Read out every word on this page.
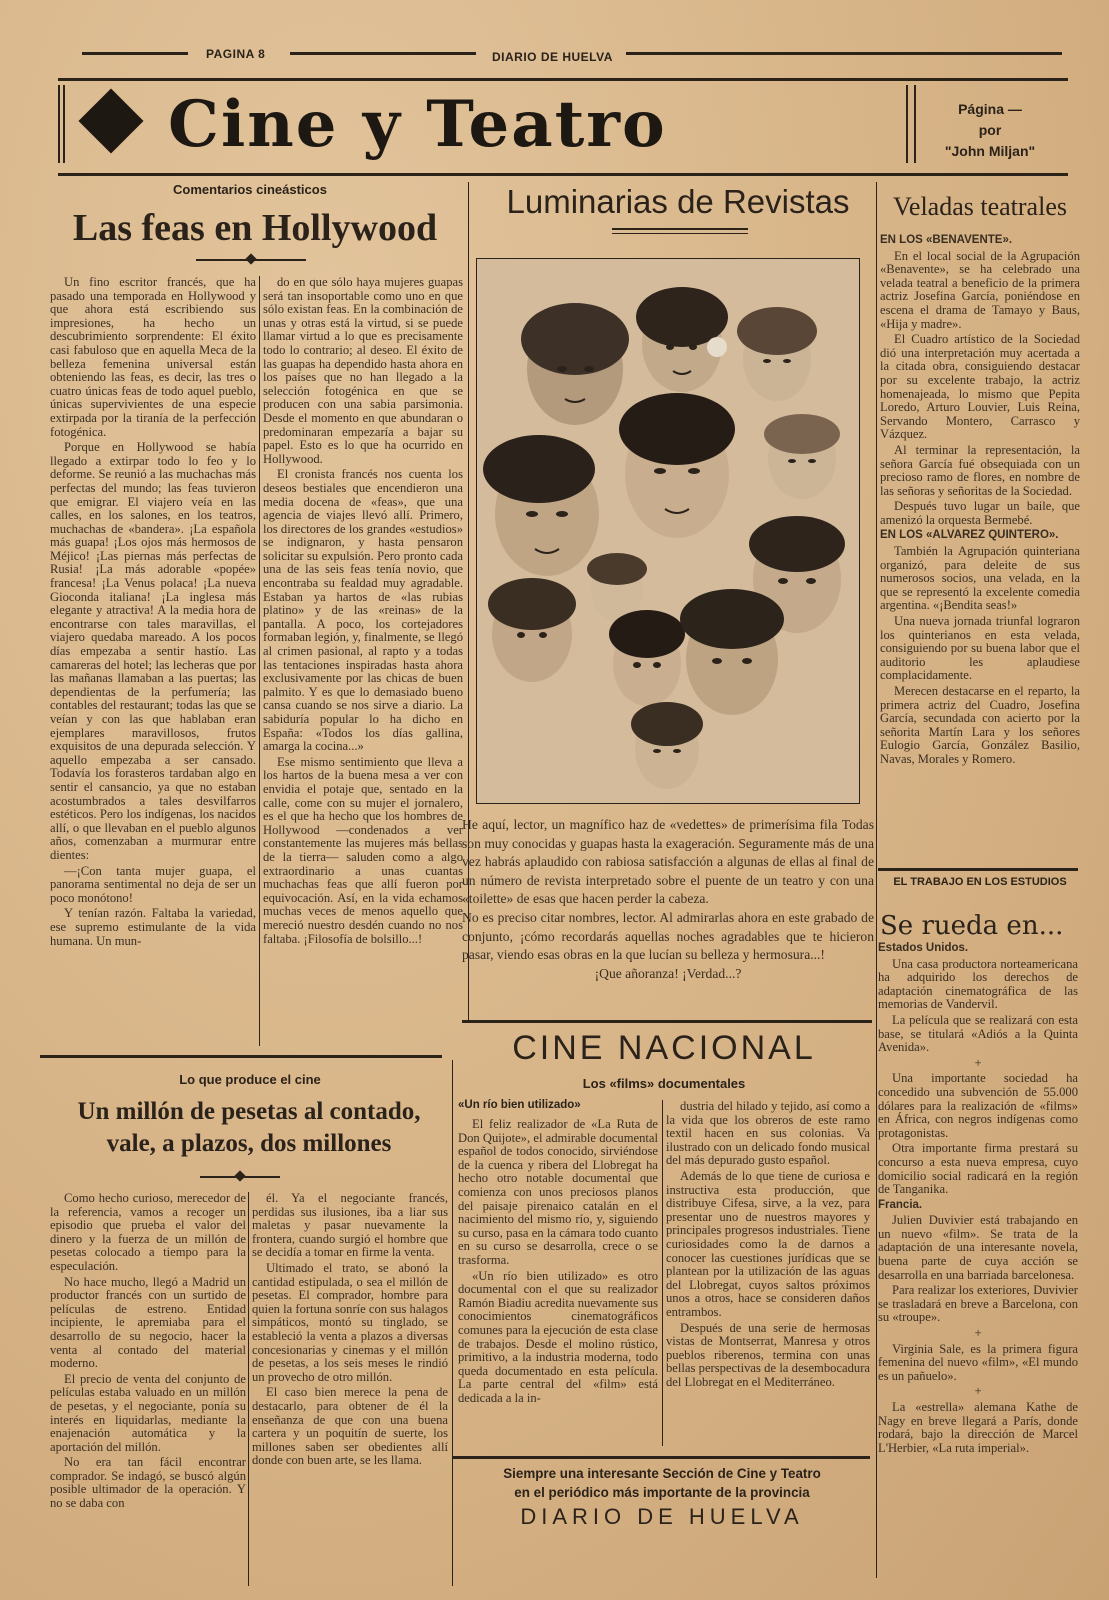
PAGINA 8	DIARIO DE HUELVA
Cine y Teatro	Página —
por
"John Miljan"
Comentarios cineásticos
Las feas en Hollywood

Un fino escritor francés, que ha pasado una temporada en Hollywood y que ahora está escribiendo sus impresiones, ha hecho un descubrimiento sorprendente: El éxito casi fabuloso que en aquella Meca de la belleza femenina universal están obteniendo las feas, es decir, las tres o cuatro únicas feas de todo aquel pueblo, únicas supervivientes de una especie extirpada por la tiranía de la perfección fotogénica.

Porque en Hollywood se había llegado a extirpar todo lo feo y lo deforme. Se reunió a las muchachas más perfectas del mundo; las feas tuvieron que emigrar. El viajero veía en las calles, en los salones, en los teatros, muchachas de «bandera». ¡La española más guapa! ¡Los ojos más hermosos de Méjico! ¡Las piernas más perfectas de Rusia! ¡La más adorable «popée» francesa! ¡La Venus polaca! ¡La nueva Gioconda italiana! ¡La inglesa más elegante y atractiva! A la media hora de encontrarse con tales maravillas, el viajero quedaba mareado. A los pocos días empezaba a sentir hastío. Las camareras del hotel; las lecheras que por las mañanas llamaban a las puertas; las dependientas de la perfumería; las contables del restaurant; todas las que se veían y con las que hablaban eran ejemplares maravillosos, frutos exquisitos de una depurada selección. Y aquello empezaba a ser cansado. Todavía los forasteros tardaban algo en sentir el cansancio, ya que no estaban acostumbrados a tales desvilfarros estéticos. Pero los indígenas, los nacidos allí, o que llevaban en el pueblo algunos años, comenzaban a murmurar entre dientes:

—¡Con tanta mujer guapa, el panorama sentimental no deja de ser un poco monótono!

Y tenían razón. Faltaba la variedad, ese supremo estimulante de la vida humana. Un mun-

do en que sólo haya mujeres guapas será tan insoportable como uno en que sólo existan feas. En la combinación de unas y otras está la virtud, si se puede llamar virtud a lo que es precisamente todo lo contrario; al deseo. El éxito de las guapas ha dependido hasta ahora en los países que no han llegado a la selección fotogénica en que se producen con una sabia parsimonia. Desde el momento en que abundaran o predominaran empezaría a bajar su papel. Esto es lo que ha ocurrido en Hollywood.

El cronista francés nos cuenta los deseos bestiales que encendieron una media docena de «feas», que una agencia de viajes llevó allí. Primero, los directores de los grandes «estudios» se indignaron, y hasta pensaron solicitar su expulsión. Pero pronto cada una de las seis feas tenía novio, que encontraba su fealdad muy agradable. Estaban ya hartos de «las rubias platino» y de las «reinas» de la pantalla. A poco, los cortejadores formaban legión, y, finalmente, se llegó al crimen pasional, al rapto y a todas las tentaciones inspiradas hasta ahora exclusivamente por las chicas de buen palmito. Y es que lo demasiado bueno cansa cuando se nos sirve a diario. La sabiduría popular lo ha dicho en España: «Todos los días gallina, amarga la cocina...»

Ese mismo sentimiento que lleva a los hartos de la buena mesa a ver con envidia el potaje que, sentado en la calle, come con su mujer el jornalero, es el que ha hecho que los hombres de Hollywood —condenados a ver constantemente las mujeres más bellas de la tierra— saluden como a algo extraordinario a unas cuantas muchachas feas que allí fueron por equivocación. Así, en la vida echamos muchas veces de menos aquello que mereció nuestro desdén cuando no nos faltaba. ¡Filosofía de bolsillo...!

Luminarias de Revistas

He aquí, lector, un magnífico haz de «vedettes» de primerísima fila Todas son muy conocidas y guapas hasta la exageración. Seguramente más de una vez habrás aplaudido con rabiosa satisfacción a algunas de ellas al final de un número de revista interpretado sobre el puente de un teatro y con una «toilette» de esas que hacen perder la cabeza.

No es preciso citar nombres, lector. Al admirarlas ahora en este grabado de conjunto, ¡cómo recordarás aquellas noches agradables que te hicieron pasar, viendo esas obras en la que lucían su belleza y hermosura...!

¡Que añoranza! ¡Verdad...?

Veladas teatrales

EN LOS «BENAVENTE».

En el local social de la Agrupación «Benavente», se ha celebrado una velada teatral a beneficio de la primera actriz Josefina García, poniéndose en escena el drama de Tamayo y Baus, «Hija y madre».

El Cuadro artístico de la Sociedad dió una interpretación muy acertada a la citada obra, consiguiendo destacar por su excelente trabajo, la actriz homenajeada, lo mismo que Pepita Loredo, Arturo Louvier, Luis Reina, Servando Montero, Carrasco y Vázquez.

Al terminar la representación, la señora García fué obsequiada con un precioso ramo de flores, en nombre de las señoras y señoritas de la Sociedad.

Después tuvo lugar un baile, que amenizó la orquesta Bermebé.

EN LOS «ALVAREZ QUINTERO».

También la Agrupación quinteriana organizó, para deleite de sus numerosos socios, una velada, en la que se representó la excelente comedia argentina. «¡Bendita seas!»

Una nueva jornada triunfal lograron los quinterianos en esta velada, consiguiendo por su buena labor que el auditorio les aplaudiese complacidamente.

Merecen destacarse en el reparto, la primera actriz del Cuadro, Josefina García, secundada con acierto por la señorita Martín Lara y los señores Eulogio García, González Basilio, Navas, Morales y Romero.

EL TRABAJO EN LOS ESTUDIOS
Se rueda en...

Estados Unidos.

Una casa productora norteamericana ha adquirido los derechos de adaptación cinematográfica de las memorias de Vandervil.

La película que se realizará con esta base, se titulará «Adiós a la Quinta Avenida».

+

Una importante sociedad ha concedido una subvención de 55.000 dólares para la realización de «films» en África, con negros indígenas como protagonistas.

Otra importante firma prestará su concurso a esta nueva empresa, cuyo domicilio social radicará en la región de Tanganika.

Francia.

Julien Duvivier está trabajando en un nuevo «film». Se trata de la adaptación de una interesante novela, buena parte de cuya acción se desarrolla en una barriada barcelonesa.

Para realizar los exteriores, Duvivier se trasladará en breve a Barcelona, con su «troupe».

+

Virginia Sale, es la primera figura femenina del nuevo «film», «El mundo es un pañuelo».

+

La «estrella» alemana Kathe de Nagy en breve llegará a París, donde rodará, bajo la dirección de Marcel L'Herbier, «La ruta imperial».

Lo que produce el cine
Un millón de pesetas al contado,
vale, a plazos, dos millones

Como hecho curioso, merecedor de la referencia, vamos a recoger un episodio que prueba el valor del dinero y la fuerza de un millón de pesetas colocado a tiempo para la especulación.

No hace mucho, llegó a Madrid un productor francés con un surtido de películas de estreno. Entidad incipiente, le apremiaba para el desarrollo de su negocio, hacer la venta al contado del material moderno.

El precio de venta del conjunto de películas estaba valuado en un millón de pesetas, y el negociante, ponía su interés en liquidarlas, mediante la enajenación automática y la aportación del millón.

No era tan fácil encontrar comprador. Se indagó, se buscó algún posible ultimador de la operación. Y no se daba con

él. Ya el negociante francés, perdidas sus ilusiones, iba a liar sus maletas y pasar nuevamente la frontera, cuando surgió el hombre que se decidía a tomar en firme la venta.

Ultimado el trato, se abonó la cantidad estipulada, o sea el millón de pesetas. El comprador, hombre para quien la fortuna sonríe con sus halagos simpáticos, montó su tinglado, se estableció la venta a plazos a diversas concesionarias y cinemas y el millón de pesetas, a los seis meses le rindió un provecho de otro millón.

El caso bien merece la pena de destacarlo, para obtener de él la enseñanza de que con una buena cartera y un poquitín de suerte, los millones saben ser obedientes allí donde con buen arte, se les llama.

CINE NACIONAL
Los «films» documentales
«Un río bien utilizado»

El feliz realizador de «La Ruta de Don Quijote», el admirable documental español de todos conocido, sirviéndose de la cuenca y ribera del Llobregat ha hecho otro notable documental que comienza con unos preciosos planos del paisaje pirenaico catalán en el nacimiento del mismo río, y, siguiendo su curso, pasa en la cámara todo cuanto en su curso se desarrolla, crece o se trasforma.

«Un río bien utilizado» es otro documental con el que su realizador Ramón Biadiu acredita nuevamente sus conocimientos cinematográficos comunes para la ejecución de esta clase de trabajos. Desde el molino rústico, primitivo, a la industria moderna, todo queda documentado en esta película. La parte central del «film» está dedicada a la in-

dustria del hilado y tejido, así como a la vida que los obreros de este ramo textil hacen en sus colonias. Va ilustrado con un delicado fondo musical del más depurado gusto español.

Además de lo que tiene de curiosa e instructiva esta producción, que distribuye Cifesa, sirve, a la vez, para presentar uno de nuestros mayores y principales progresos industriales. Tiene curiosidades como la de darnos a conocer las cuestiones jurídicas que se plantean por la utilización de las aguas del Llobregat, cuyos saltos próximos unos a otros, hace se consideren daños entrambos.

Después de una serie de hermosas vistas de Montserrat, Manresa y otros pueblos riberenos, termina con unas bellas perspectivas de la desembocadura del Llobregat en el Mediterráneo.

Siempre una interesante Sección de Cine y Teatro
en el periódico más importante de la provincia
DIARIO DE HUELVA
